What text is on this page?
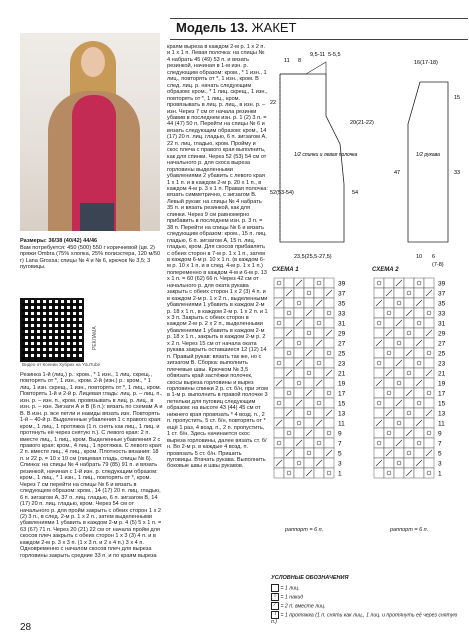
Модель 13. ЖАКЕТ
Размеры: 36/38 (40/42) 44/46
Вам потребуется: 450 (500) 550 г коричневой (цв. 2) пряжи Ombra (75% хлопка, 25% полиэстера, 120 м/50 г) Lana Grossa; спицы № 4 и № 6, крючок № 3,5; 3 пуговицы.
Видео от Ксении Хубрих на YouTube
РЕКЛАМА
Резинка 1-й (лиц.) р.: кром., * 1 изн., 1 лиц. скрещ., повторять от *, 1 изн., кром. 2-й (изн.) р.: кром., * 1 лиц. 1 изн. скрещ., 1 изн., повторять от *, 1 лиц., кром. Повторять 1-й и 2-й р. Лицевая гладь: лиц. р. – лиц. п., изн. р. – изн. п., кром. провязывать в лиц. р. лиц., в изн. р. – изн. Зигзаги А и В (6 п.): вязать по схемам А и В. В изн. р. все петли и накиды вязать изн. Повторять 1-й – 40-й р. Выделенные убавления 1 с правого края: кром., 1 лиц., 1 протяжка (1 п. снять как лиц., 1 лиц. и протянуть её через снятую п.). С левого края: 2 п. вместе лиц., 1 лиц., кром. Выделенные убавления 2 с правого края: кром., 4 лиц., 1 протяжка. С левого края: 2 п. вместе лиц., 4 лиц., кром. Плотность вязания: 18 п. и 22 р. = 10 х 10 см (лицевая гладь, спицы № 6). Спинка: на спицы № 4 набрать 79 (85) 91 п. и вязать резинкой, начиная с 1-й изн. р. следующим образом: кром., 1 лиц., * 1 изн., 1 лиц., повторять от *, кром. Через 7 см перейти на спицы № 6 и вязать в следующем образом: кром., 14 (17) 20 п. лиц. гладью, 6 п. зигзагом А, 37 п. лиц. гладью, 6 п. зигзагом В, 14 (17) 20 п. лиц. гладью, кром. Через 54 см от начального р. для пройм закрыть с обеих сторон 1 х 2 (2) 3 п., в след. 2-м р. 1 х 2 п., затем выделенными убавлениями 1 убавить в каждом 2-м р. 4 (5) 5 х 1 п. = 63 (67) 71 п. Через 20 (21) 22 см от начала пройм для скосов плеч закрыть с обеих сторон 1 х 3 (3) 4 п. и в каждом 2-м р. 3 х 3 п. (1 х 3 п. и 2 х 4 п.) 3 х 4 п. Одновременно с началом скосов плеч для выреза горловины закрыть средние 33 п. и по краям выреза
краям выреза в каждом 2-м р. 1 х 2 п. и 1 х 1 п. Левая полочка: на спицы № 4 набрать 45 (49) 53 п. и вязать резинкой, начиная в 1-м изн. р. следующим образом: кром., * 1 изн., 1 лиц., повторять от *, 1 изн., кром. В след. лиц. р. начать следующим образом: кром., * 1 лиц. скрещ., 1 изн., повторять от *, 1 лиц., кром. провязывать в лиц. р. лиц., в изн. р. – изн. Через 7 см от начала резинки убавив в последнем изн. р. 1 (2) 3 п. = 44 (47) 50 п. Перейти на спицы № 6 и вязать следующим образом: кром., 14 (17) 20 п. лиц. гладью, 6 п. зигзагом А, 22 п. лиц. гладью, кром. Пройму и скос плеча с правого края выполнить, как для спинки. Через 52 (53) 54 см от начального р. для скоса выреза горловины выделенными убавлениями 2 убавить с левого края 1 х 1 п. и в каждом 2-м р. 20 х 1 п., в каждом 4-м р. 3 х 1 п. Правая полочка: вязать симметрично, с зигзагом В. Левый рукав: на спицы № 4 набрать 35 п. и вязать резинкой, как для спинки. Через 9 см равномерно прибавить в последнем изн. р. 3 п. = 38 п. Перейти на спицы № 6 и вязать следующим образом: кром., 15 п. лиц. гладью, 6 п. зигзагом А, 15 п. лиц. гладью, кром. Для скосов прибавлять с обеих сторон в 7-м р. 1 х 1 п., затем в каждом 6-м р. 10 х 1 п. (в каждом 6-м р. 10 х 1 п. и в след. 4-м р. 1 х 1 п.) попеременно в каждом 4-м и 6-м р. 13 х 1 п. = 60 (62) 66 п. Через 42 см от начального р. для оката рукава закрыть с обеих сторон 1 х 2 (3) 4 п. и в каждом 2-м р. 1 х 2 п., выделенными убавлениями 1 убавить в каждом 2-м р. 18 х 1 п., в каждом 2-м р. 1 х 2 п. и 1 х 3 п. Закрыть с обеих сторон в каждом 2-м р. 2 х 2 п., выделенными убавлениями 1 убавить в каждом 2-м р. 18 х 1 п., закрыть в каждом 2-м р. 2 х 2 п. Через 15 см от начала оката рукава закрыть оставшиеся 12 (12) 14 п. Правый рукав: вязать так же, но с зигзагом В. Сборка: выполнить плечевые швы. Крючком № 3,5 обвязать край застёжки полочек, скосы выреза горловины и вырез горловины спинки 2 р. ст. б/н, при этом в 1-м р. выполнить в правой полочке 3 петельки для пуговиц следующим образом: на высоте 43 (44) 45 см от нижнего края провязать * 4 возд. п., 2 п. пропустить, 5 ст. б/н, повторять от * ещё 1 раз, 4 возд. п., 2 п. пропустить, 1 ст. б/н. Здесь начинается скос выреза горловины, далее вязать ст. б/н. Во 2-м р. в каждые 4 возд. п. провязать 5 ст. б/н. Пришить пуговицы. Втачать рукава. Выполнить боковые швы и швы рукавов.
1/2 спинки и левая полочка	1/2 рукава
11 8
9,5-11 5-5,5
22
20(21-22)
52(53-54)	54
23,5(25,5-27,5)
16(17-18)
15
33
47
10 6
(7-8)
СХЕМА 1	СХЕМА 2
39
37
35
33
31
29
27
25
23
21
19
17
15
13
11
9
7
5
3
1
39
37
35
33
31
29
27
25
23
21
19
17
15
13
11
9
7
5
3
1
раппорт = 6 п.	раппорт = 6 п.
УСЛОВНЫЕ ОБОЗНАЧЕНИЯ
= 1 лиц.
○ = 1 накид
⁄ = 2 п. вместе лиц.
∖ = 1 протяжка (1 п. снять как лиц., 1 лиц. и протянуть её через снятую п.)
28
